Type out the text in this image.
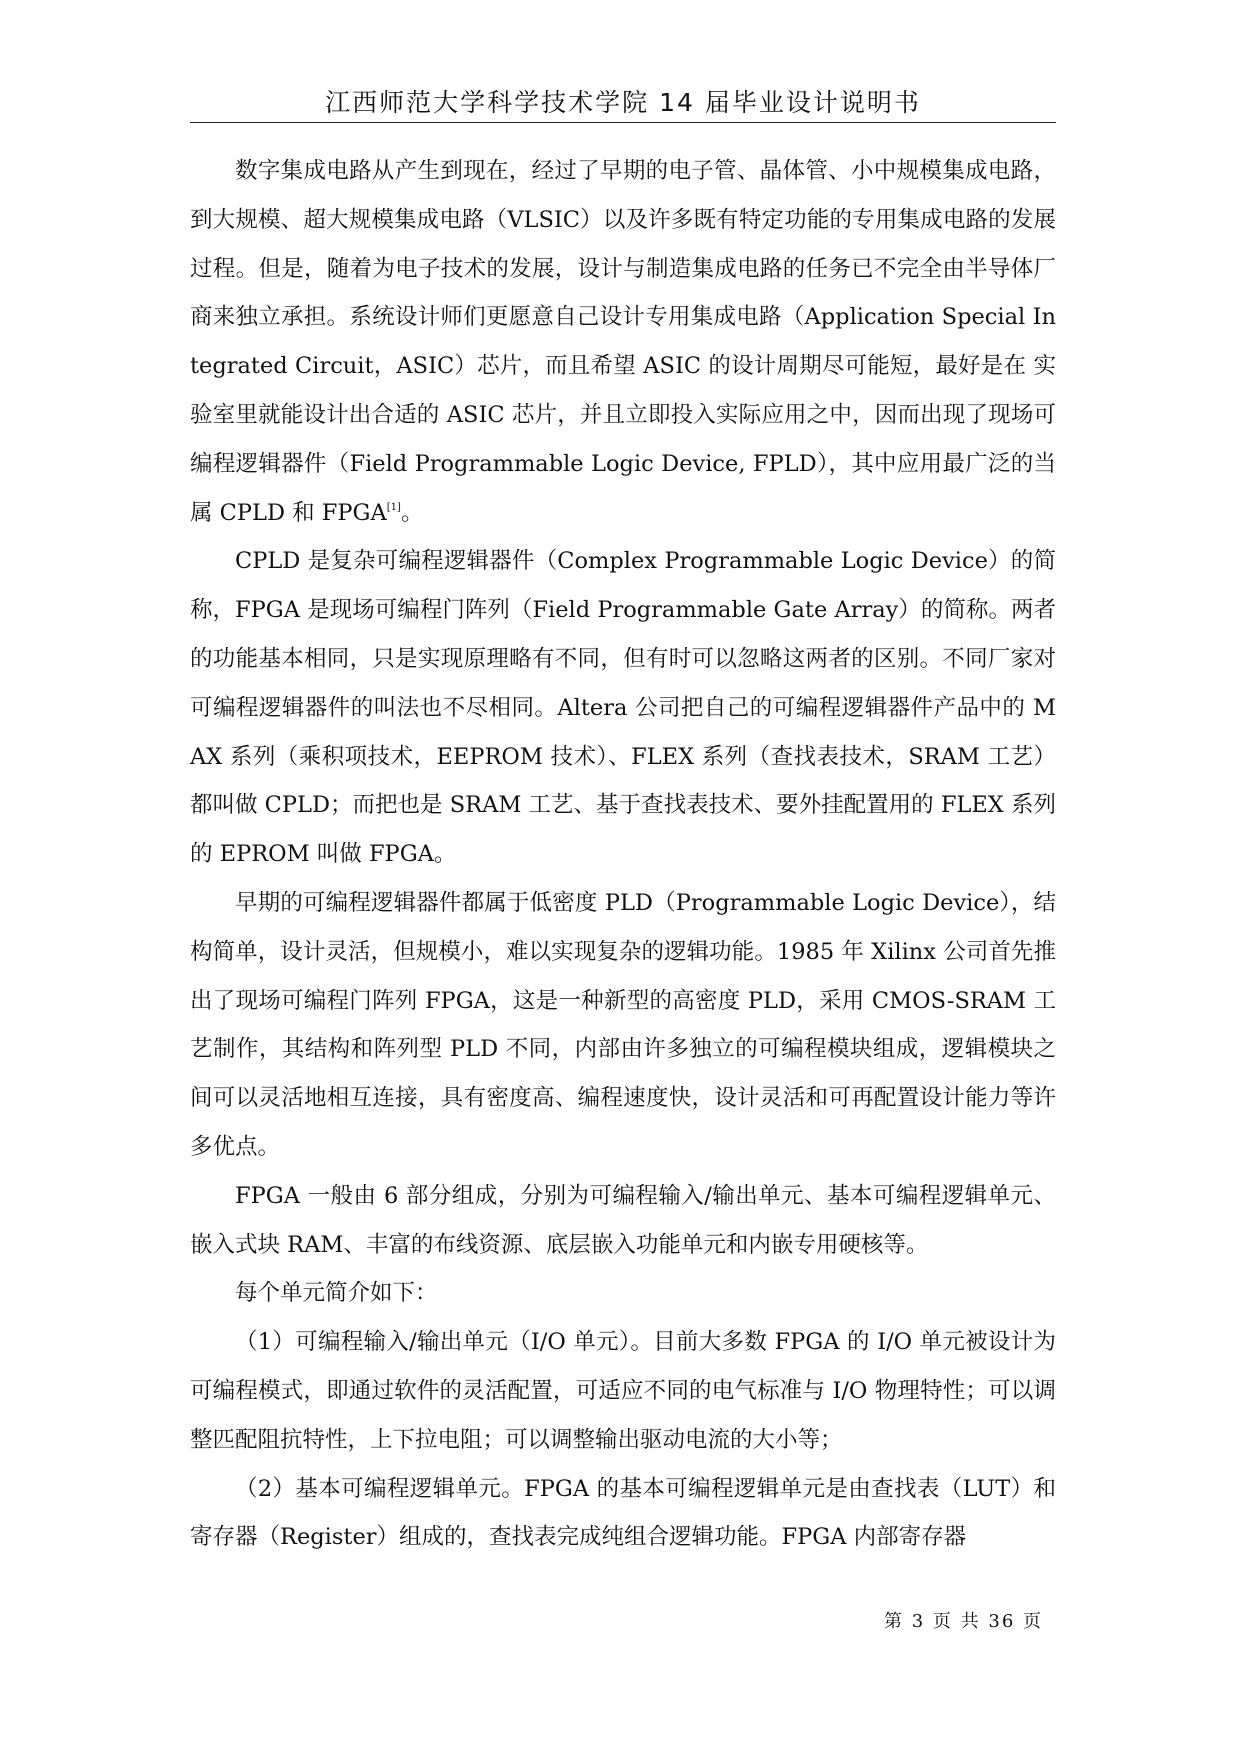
江西师范大学科学技术学院 14 届毕业设计说明书

数字集成电路从产生到现在，经过了早期的电子管、晶体管、小中规模集成电路，到大规模、超大规模集成电路（VLSIC）以及许多既有特定功能的专用集成电路的发展过程。但是，随着为电子技术的发展，设计与制造集成电路的任务已不完全由半导体厂商来独立承担。系统设计师们更愿意自己设计专用集成电路（Application Special Integrated Circuit，ASIC）芯片，而且希望 ASIC 的设计周期尽可能短，最好是在 实验室里就能设计出合适的 ASIC 芯片，并且立即投入实际应用之中，因而出现了现场可编程逻辑器件（Field Programmable Logic Device, FPLD），其中应用最广泛的当属 CPLD 和 FPGA[1]。

CPLD 是复杂可编程逻辑器件（Complex Programmable Logic Device）的简称，FPGA 是现场可编程门阵列（Field Programmable Gate Array）的简称。两者的功能基本相同，只是实现原理略有不同，但有时可以忽略这两者的区别。不同厂家对可编程逻辑器件的叫法也不尽相同。Altera 公司把自己的可编程逻辑器件产品中的 MAX 系列（乘积项技术，EEPROM 技术）、FLEX 系列（查找表技术，SRAM 工艺）都叫做 CPLD；而把也是 SRAM 工艺、基于查找表技术、要外挂配置用的 FLEX 系列的 EPROM 叫做 FPGA。

早期的可编程逻辑器件都属于低密度 PLD（Programmable Logic Device），结构简单，设计灵活，但规模小，难以实现复杂的逻辑功能。1985 年 Xilinx 公司首先推出了现场可编程门阵列 FPGA，这是一种新型的高密度 PLD，采用 CMOS-SRAM 工艺制作，其结构和阵列型 PLD 不同，内部由许多独立的可编程模块组成，逻辑模块之间可以灵活地相互连接，具有密度高、编程速度快，设计灵活和可再配置设计能力等许多优点。

FPGA 一般由 6 部分组成，分别为可编程输入/输出单元、基本可编程逻辑单元、嵌入式块 RAM、丰富的布线资源、底层嵌入功能单元和内嵌专用硬核等。

每个单元简介如下：

（1）可编程输入/输出单元（I/O 单元）。目前大多数 FPGA 的 I/O 单元被设计为可编程模式，即通过软件的灵活配置，可适应不同的电气标准与 I/O 物理特性；可以调整匹配阻抗特性，上下拉电阻；可以调整输出驱动电流的大小等；

（2）基本可编程逻辑单元。FPGA 的基本可编程逻辑单元是由查找表（LUT）和寄存器（Register）组成的，查找表完成纯组合逻辑功能。FPGA 内部寄存器

第 3 页 共 36 页
